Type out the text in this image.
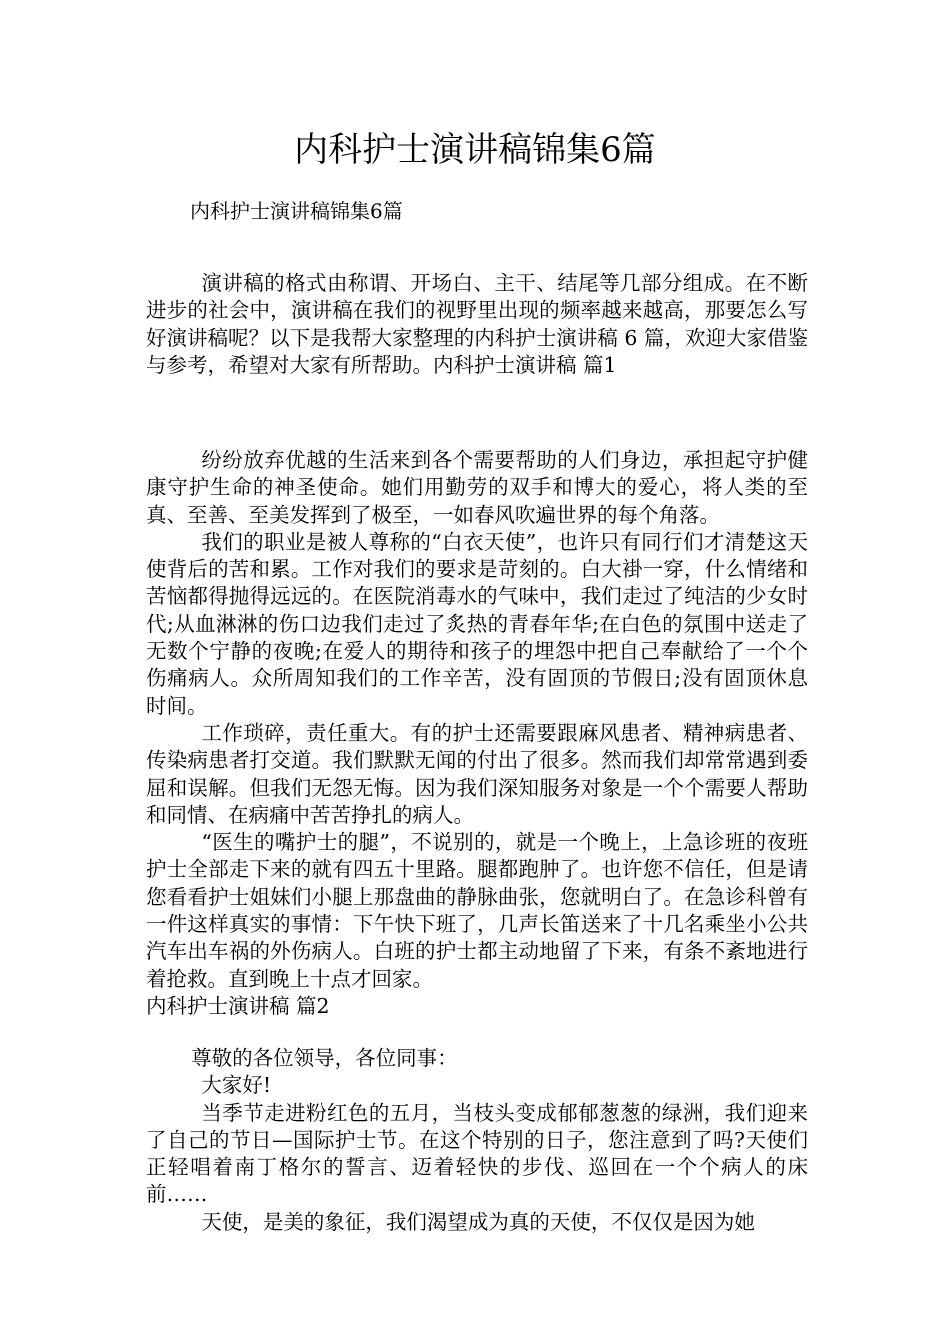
内科护士演讲稿锦集6篇
内科护士演讲稿锦集6篇

演讲稿的格式由称谓、开场白、主干、结尾等几部分组成。在不断进步的社会中，演讲稿在我们的视野里出现的频率越来越高，那要怎么写好演讲稿呢？以下是我帮大家整理的内科护士演讲稿 6 篇，欢迎大家借鉴与参考，希望对大家有所帮助。内科护士演讲稿 篇1

纷纷放弃优越的生活来到各个需要帮助的人们身边，承担起守护健康守护生命的神圣使命。她们用勤劳的双手和博大的爱心，将人类的至真、至善、至美发挥到了极至，一如春风吹遍世界的每个角落。

我们的职业是被人尊称的“白衣天使”，也许只有同行们才清楚这天使背后的苦和累。工作对我们的要求是苛刻的。白大褂一穿，什么情绪和苦恼都得抛得远远的。在医院消毒水的气味中，我们走过了纯洁的少女时代;从血淋淋的伤口边我们走过了炙热的青春年华;在白色的氛围中送走了无数个宁静的夜晚;在爱人的期待和孩子的埋怨中把自己奉献给了一个个伤痛病人。众所周知我们的工作辛苦，没有固顶的节假日;没有固顶休息时间。

工作琐碎，责任重大。有的护士还需要跟麻风患者、精神病患者、传染病患者打交道。我们默默无闻的付出了很多。然而我们却常常遇到委屈和误解。但我们无怨无悔。因为我们深知服务对象是一个个需要人帮助和同情、在病痛中苦苦挣扎的病人。

“医生的嘴护士的腿”，不说别的，就是一个晚上，上急诊班的夜班护士全部走下来的就有四五十里路。腿都跑肿了。也许您不信任，但是请您看看护士姐妹们小腿上那盘曲的静脉曲张，您就明白了。在急诊科曾有一件这样真实的事情：下午快下班了，几声长笛送来了十几名乘坐小公共汽车出车祸的外伤病人。白班的护士都主动地留了下来，有条不紊地进行着抢救。直到晚上十点才回家。

内科护士演讲稿 篇2

尊敬的各位领导，各位同事：

大家好!

当季节走进粉红色的五月，当枝头变成郁郁葱葱的绿洲，我们迎来了自己的节日—国际护士节。在这个特别的日子，您注意到了吗?天使们正轻唱着南丁格尔的誓言、迈着轻快的步伐、巡回在一个个病人的床前……

天使，是美的象征，我们渴望成为真的天使，不仅仅是因为她
